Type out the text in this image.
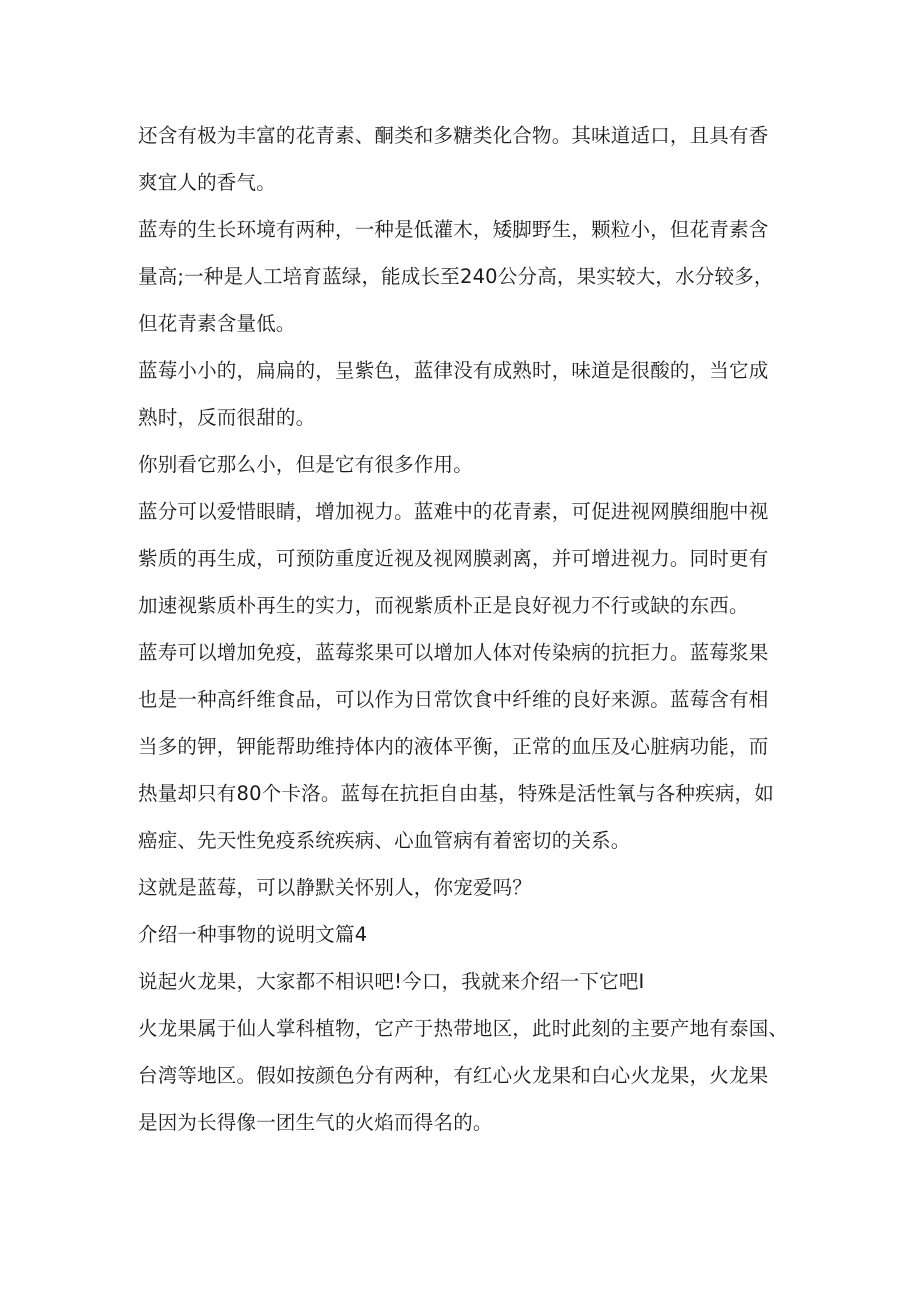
还含有极为丰富的花青素、酮类和多糖类化合物。其味道适口，且具有香
爽宜人的香气。

蓝寿的生长环境有两种，一种是低灌木，矮脚野生，颗粒小，但花青素含
量高;一种是人工培育蓝绿，能成长至240公分高，果实较大，水分较多，
但花青素含量低。

蓝莓小小的，扁扁的，呈紫色，蓝律没有成熟时，味道是很酸的，当它成
熟时，反而很甜的。

你别看它那么小，但是它有很多作用。

蓝分可以爱惜眼睛，增加视力。蓝难中的花青素，可促进视网膜细胞中视
紫质的再生成，可预防重度近视及视网膜剥离，并可增进视力。同时更有
加速视紫质朴再生的实力，而视紫质朴正是良好视力不行或缺的东西。

蓝寿可以增加免疫，蓝莓浆果可以增加人体对传染病的抗拒力。蓝莓浆果
也是一种高纤维食品，可以作为日常饮食中纤维的良好来源。蓝莓含有相
当多的钾，钾能帮助维持体内的液体平衡，正常的血压及心脏病功能，而
热量却只有80个卡洛。蓝每在抗拒自由基，特殊是活性氧与各种疾病，如
癌症、先天性免疫系统疾病、心血管病有着密切的关系。

这就是蓝莓，可以静默关怀别人，你宠爱吗？

介绍一种事物的说明文篇4

说起火龙果，大家都不相识吧!今口，我就来介绍一下它吧I

火龙果属于仙人掌科植物，它产于热带地区，此时此刻的主要产地有泰国、
台湾等地区。假如按颜色分有两种，有红心火龙果和白心火龙果，火龙果
是因为长得像一团生气的火焰而得名的。
